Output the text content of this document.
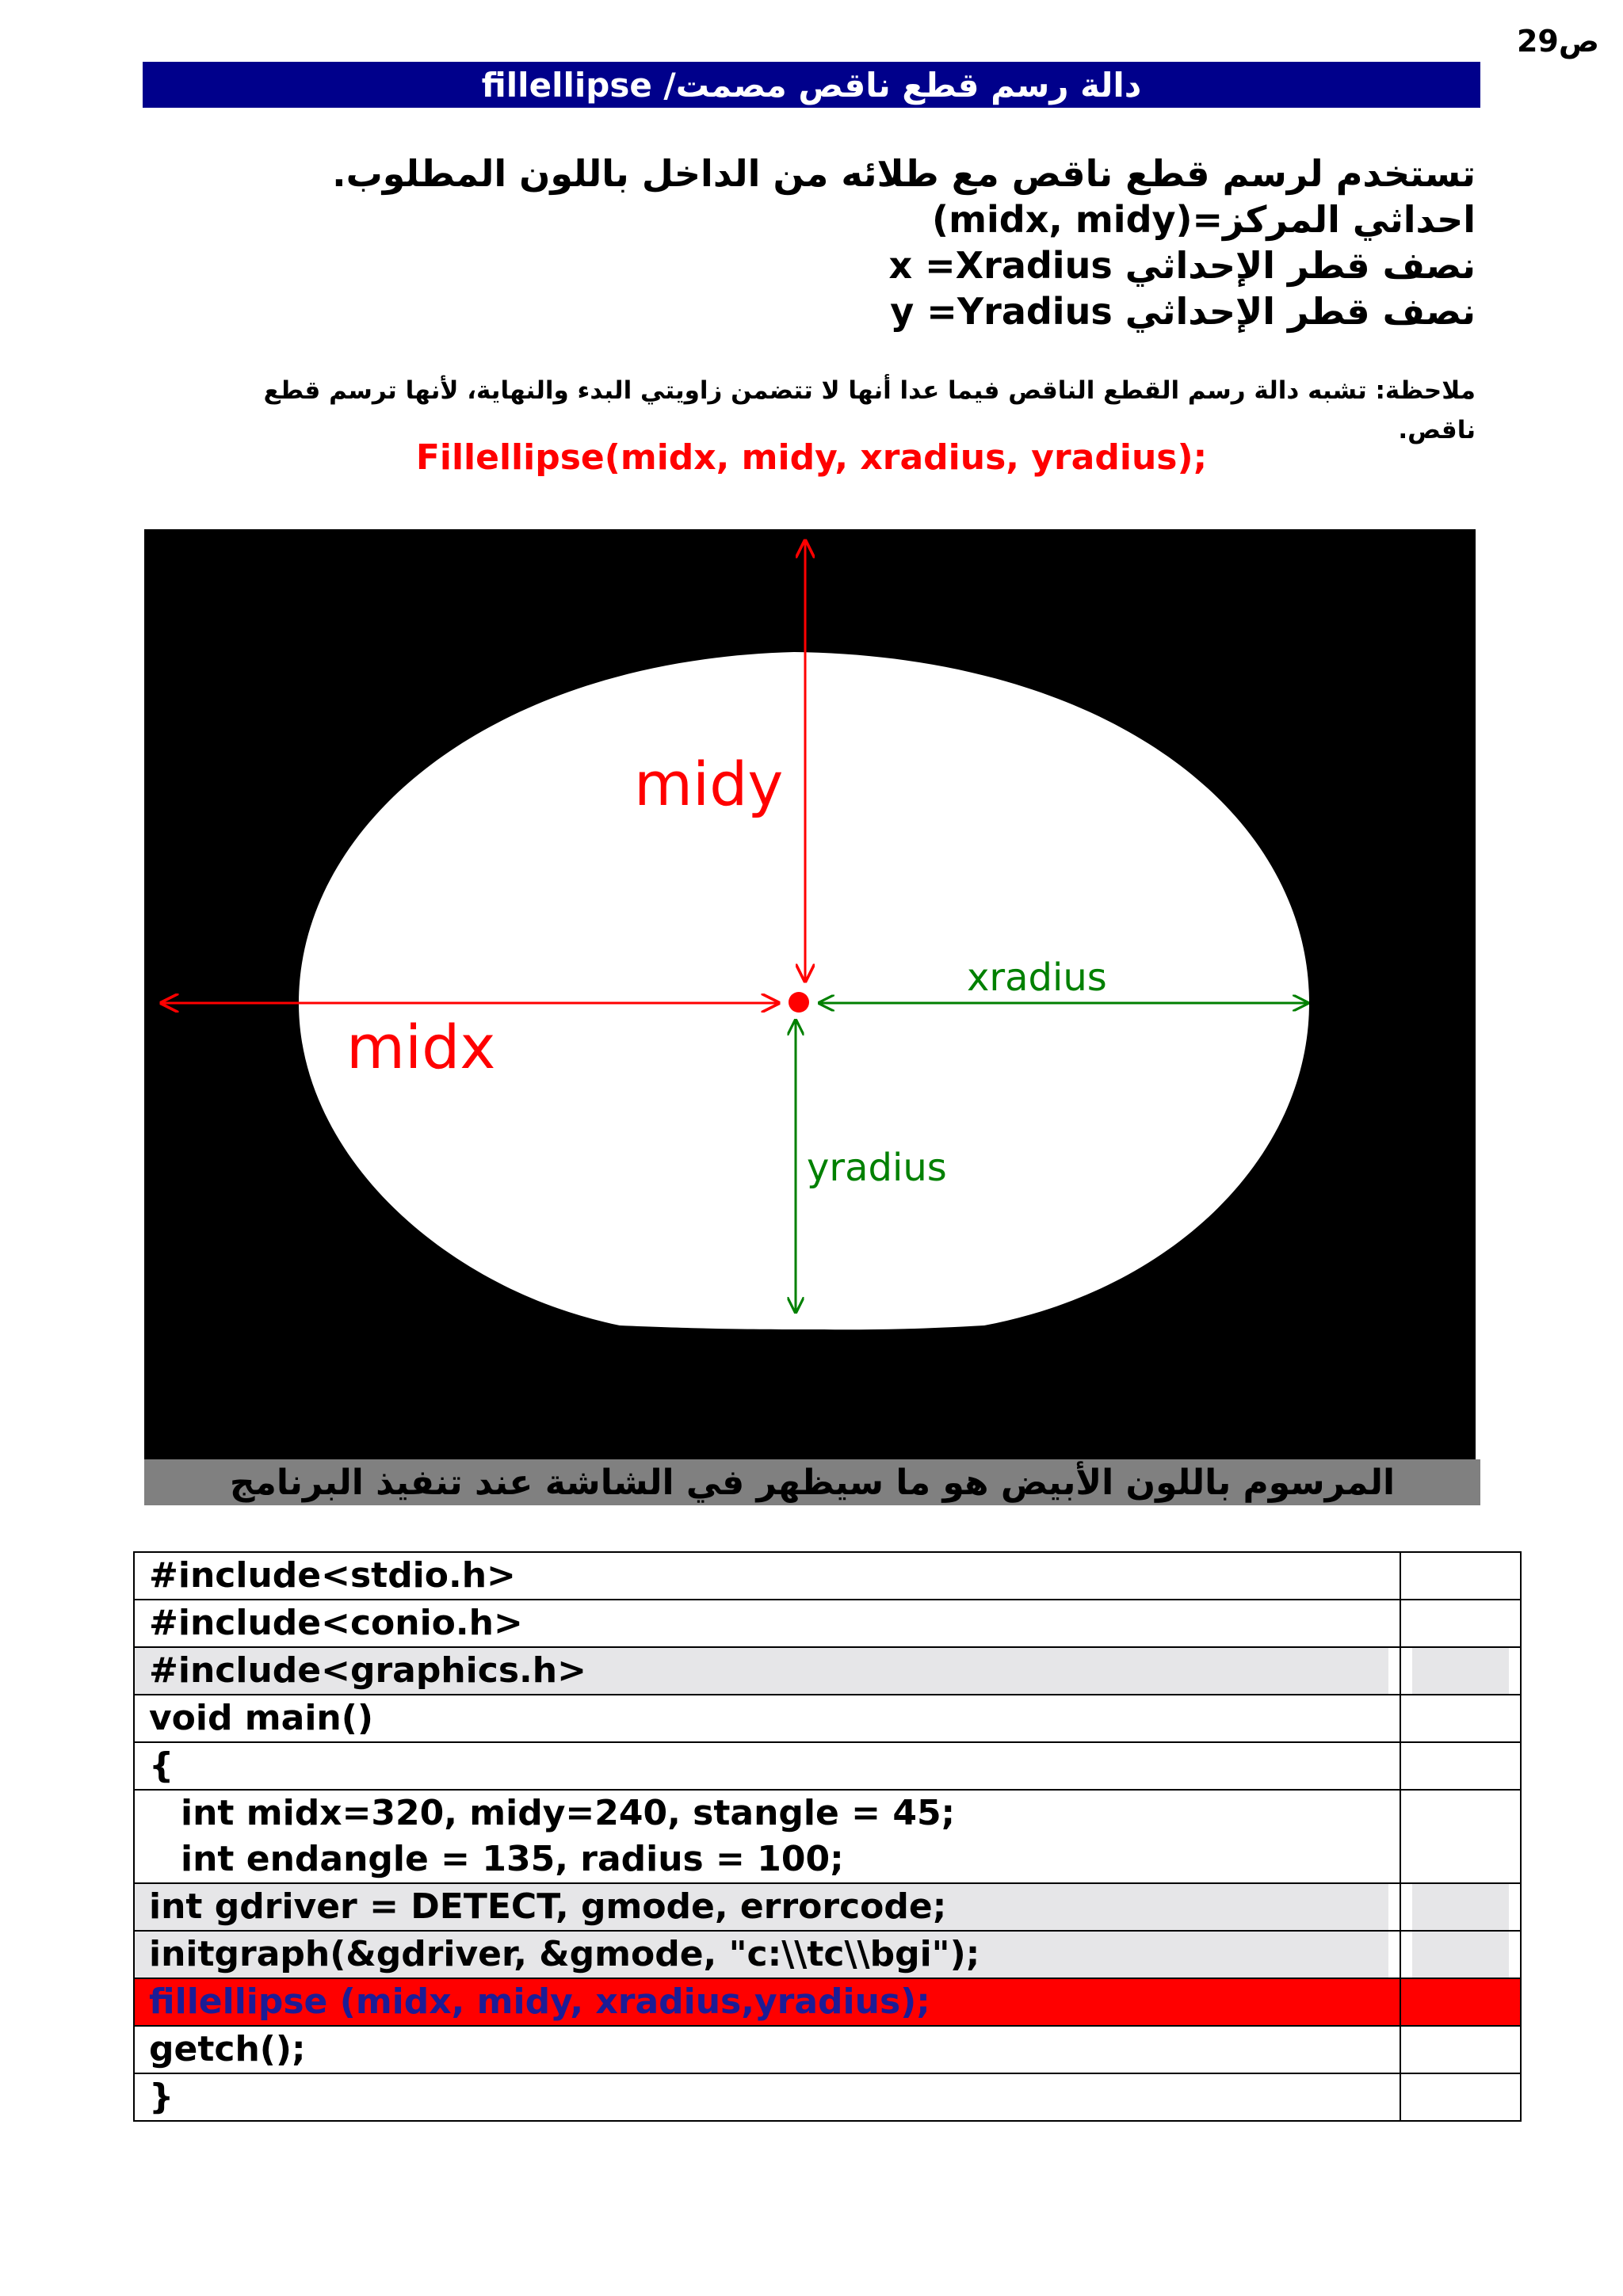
ص29
fillellipse /دالة رسم قطع ناقص مصمت
تستخدم لرسم قطع ناقص مع طلائه من الداخل باللون المطلوب.
احداثي المركز=(midx, midy)
نصف قطر الإحداثي x =Xradius
نصف قطر الإحداثي y =Yradius
ملاحظة: تشبه دالة رسم القطع الناقص فيما عدا أنها لا تتضمن زاويتي البدء والنهاية، لأنها ترسم قطع ناقص.
Fillellipse(midx, midy, xradius, yradius);
midy
midx
xradius
yradius
المرسوم باللون الأبيض هو ما سيظهر في الشاشة عند تنفيذ البرنامج
#include<stdio.h>	
#include<conio.h>	
#include<graphics.h>	
void main()	
{	

int midx=320, midy=240, stangle = 45;
int endangle = 135, radius = 100;	

int gdriver = DETECT, gmode, errorcode;	
initgraph(&gdriver, &gmode, "c:\\tc\\bgi");	
fillellipse (midx, midy, xradius,yradius);	
getch();	
}	
